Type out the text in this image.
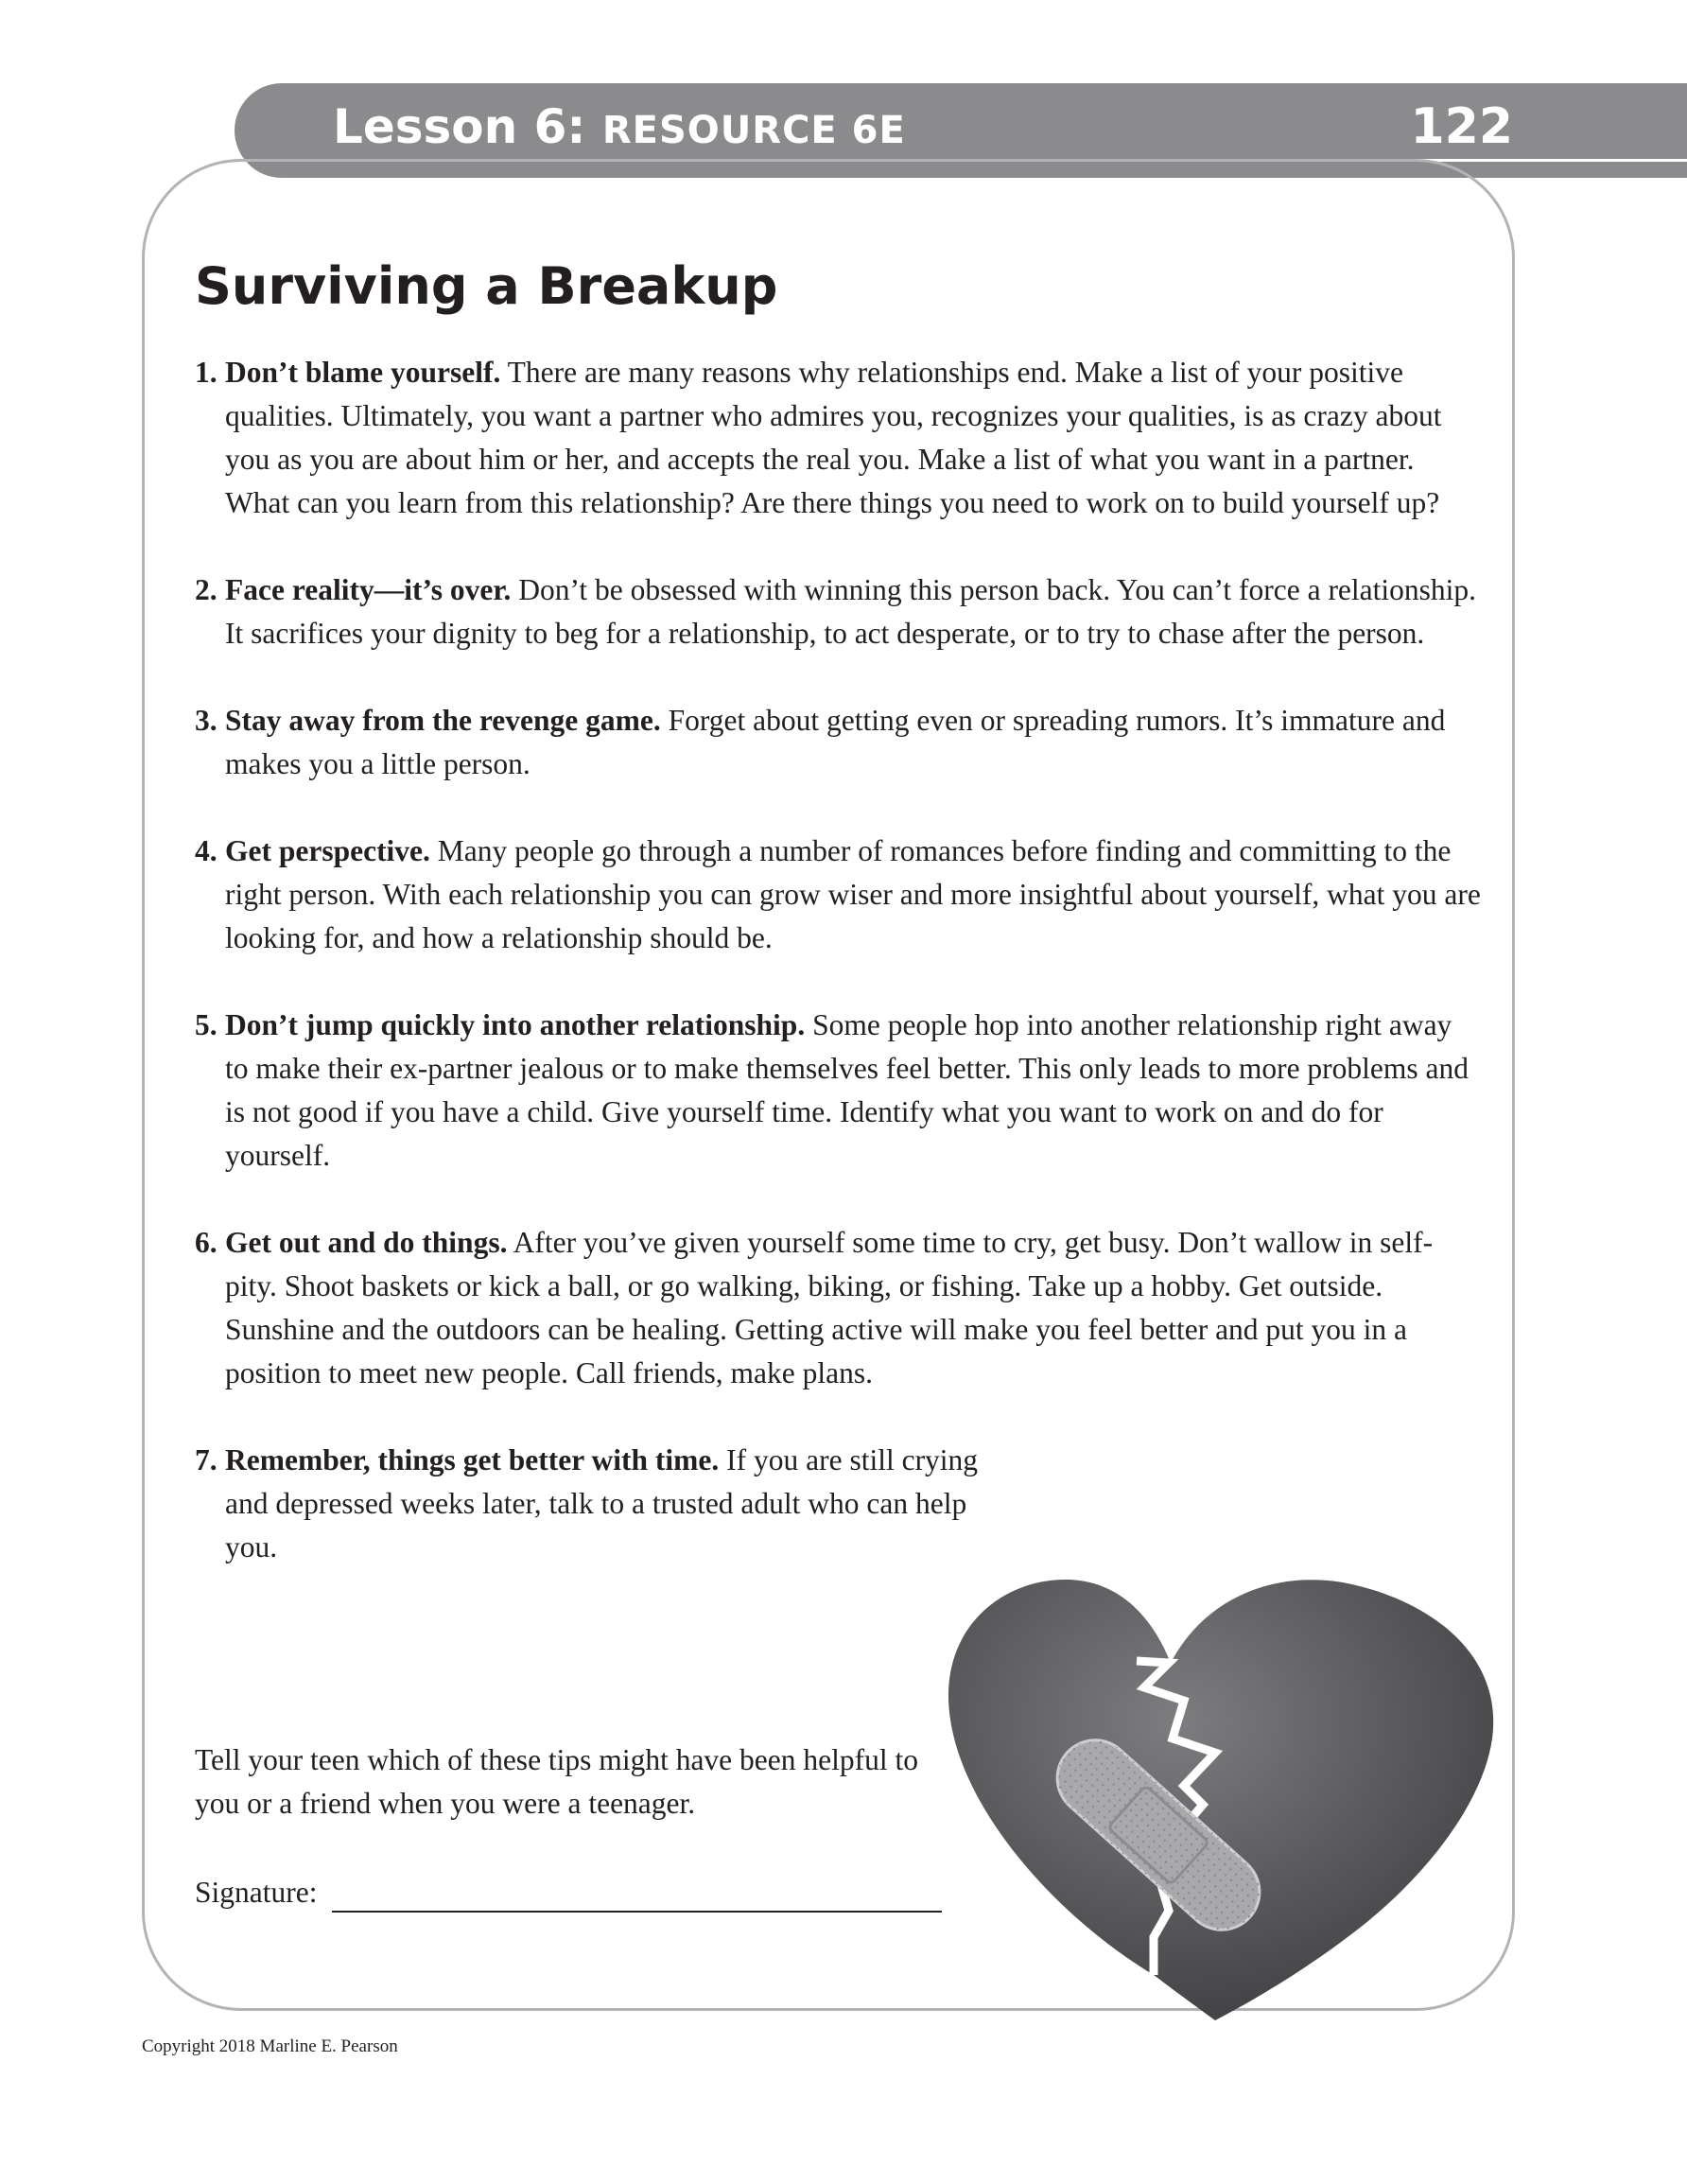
Lesson 6: RESOURCE 6E	122
Surviving a Breakup
1. Don’t blame yourself. There are many reasons why relationships end. Make a list of your positive qualities. Ultimately, you want a partner who admires you, recognizes your qualities, is as crazy about you as you are about him or her, and accepts the real you. Make a list of what you want in a partner. What can you learn from this relationship? Are there things you need to work on to build yourself up?
2. Face reality—it’s over. Don’t be obsessed with winning this person back. You can’t force a relationship. It sacrifices your dignity to beg for a relationship, to act desperate, or to try to chase after the person.
3. Stay away from the revenge game. Forget about getting even or spreading rumors. It’s immature and makes you a little person.
4. Get perspective. Many people go through a number of romances before finding and committing to the right person. With each relationship you can grow wiser and more insightful about yourself, what you are looking for, and how a relationship should be.
5. Don’t jump quickly into another relationship. Some people hop into another relationship right away to make their ex-partner jealous or to make themselves feel better. This only leads to more problems and is not good if you have a child. Give yourself time. Identify what you want to work on and do for yourself.
6. Get out and do things. After you’ve given yourself some time to cry, get busy. Don’t wallow in self-pity. Shoot baskets or kick a ball, or go walking, biking, or fishing. Take up a hobby. Get outside. Sunshine and the outdoors can be healing. Getting active will make you feel better and put you in a position to meet new people. Call friends, make plans.
7. Remember, things get better with time. If you are still crying and depressed weeks later, talk to a trusted adult who can help you.

Tell your teen which of these tips might have been helpful to you or a friend when you were a teenager.

Signature:
Copyright 2018 Marline E. Pearson
